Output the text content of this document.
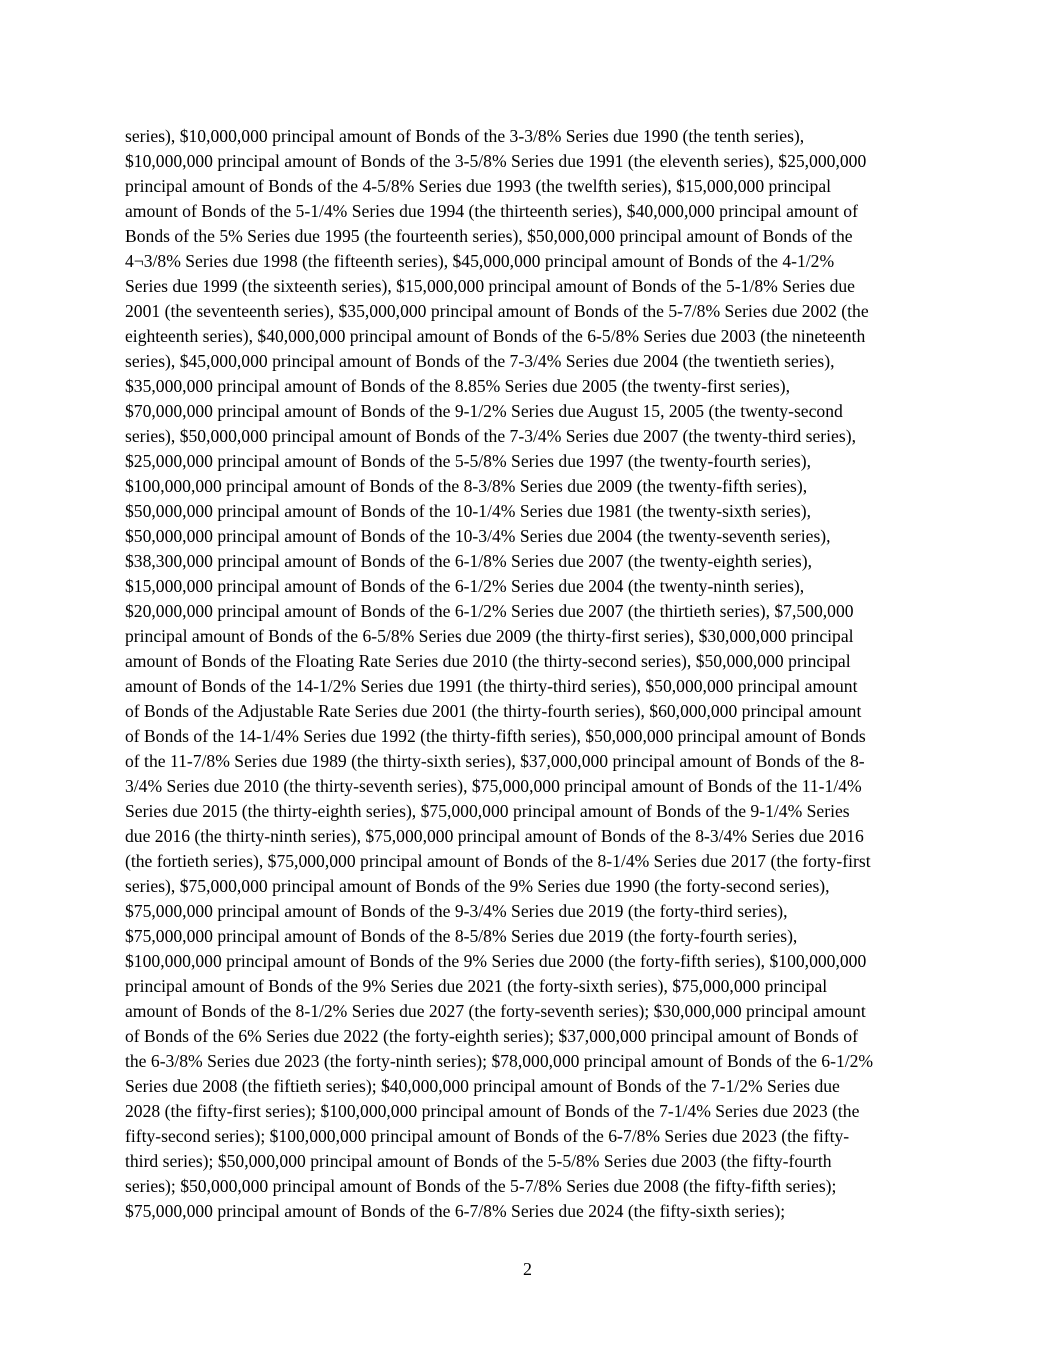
series), $10,000,000 principal amount of Bonds of the 3-3/8% Series due 1990 (the tenth series),
$10,000,000 principal amount of Bonds of the 3-5/8% Series due 1991 (the eleventh series), $25,000,000
principal amount of Bonds of the 4-5/8% Series due 1993 (the twelfth series), $15,000,000 principal
amount of Bonds of the 5-1/4% Series due 1994 (the thirteenth series), $40,000,000 principal amount of
Bonds of the 5% Series due 1995 (the fourteenth series), $50,000,000 principal amount of Bonds of the
4¬3/8% Series due 1998 (the fifteenth series), $45,000,000 principal amount of Bonds of the 4-1/2%
Series due 1999 (the sixteenth series), $15,000,000 principal amount of Bonds of the 5-1/8% Series due
2001 (the seventeenth series), $35,000,000 principal amount of Bonds of the 5-7/8% Series due 2002 (the
eighteenth series), $40,000,000 principal amount of Bonds of the 6-5/8% Series due 2003 (the nineteenth
series), $45,000,000 principal amount of Bonds of the 7-3/4% Series due 2004 (the twentieth series),
$35,000,000 principal amount of Bonds of the 8.85% Series due 2005 (the twenty-first series),
$70,000,000 principal amount of Bonds of the 9-1/2% Series due August 15, 2005 (the twenty-second
series), $50,000,000 principal amount of Bonds of the 7-3/4% Series due 2007 (the twenty-third series),
$25,000,000 principal amount of Bonds of the 5-5/8% Series due 1997 (the twenty-fourth series),
$100,000,000 principal amount of Bonds of the 8-3/8% Series due 2009 (the twenty-fifth series),
$50,000,000 principal amount of Bonds of the 10-1/4% Series due 1981 (the twenty-sixth series),
$50,000,000 principal amount of Bonds of the 10-3/4% Series due 2004 (the twenty-seventh series),
$38,300,000 principal amount of Bonds of the 6-1/8% Series due 2007 (the twenty-eighth series),
$15,000,000 principal amount of Bonds of the 6-1/2% Series due 2004 (the twenty-ninth series),
$20,000,000 principal amount of Bonds of the 6-1/2% Series due 2007 (the thirtieth series), $7,500,000
principal amount of Bonds of the 6-5/8% Series due 2009 (the thirty-first series), $30,000,000 principal
amount of Bonds of the Floating Rate Series due 2010 (the thirty-second series), $50,000,000 principal
amount of Bonds of the 14-1/2% Series due 1991 (the thirty-third series), $50,000,000 principal amount
of Bonds of the Adjustable Rate Series due 2001 (the thirty-fourth series), $60,000,000 principal amount
of Bonds of the 14-1/4% Series due 1992 (the thirty-fifth series), $50,000,000 principal amount of Bonds
of the 11-7/8% Series due 1989 (the thirty-sixth series), $37,000,000 principal amount of Bonds of the 8-
3/4% Series due 2010 (the thirty-seventh series), $75,000,000 principal amount of Bonds of the 11-1/4%
Series due 2015 (the thirty-eighth series), $75,000,000 principal amount of Bonds of the 9-1/4% Series
due 2016 (the thirty-ninth series), $75,000,000 principal amount of Bonds of the 8-3/4% Series due 2016
(the fortieth series), $75,000,000 principal amount of Bonds of the 8-1/4% Series due 2017 (the forty-first
series), $75,000,000 principal amount of Bonds of the 9% Series due 1990 (the forty-second series),
$75,000,000 principal amount of Bonds of the 9-3/4% Series due 2019 (the forty-third series),
$75,000,000 principal amount of Bonds of the 8-5/8% Series due 2019 (the forty-fourth series),
$100,000,000 principal amount of Bonds of the 9% Series due 2000 (the forty-fifth series), $100,000,000
principal amount of Bonds of the 9% Series due 2021 (the forty-sixth series), $75,000,000 principal
amount of Bonds of the 8-1/2% Series due 2027 (the forty-seventh series); $30,000,000 principal amount
of Bonds of the 6% Series due 2022 (the forty-eighth series); $37,000,000 principal amount of Bonds of
the 6-3/8% Series due 2023 (the forty-ninth series); $78,000,000 principal amount of Bonds of the 6-1/2%
Series due 2008 (the fiftieth series); $40,000,000 principal amount of Bonds of the 7-1/2% Series due
2028 (the fifty-first series); $100,000,000 principal amount of Bonds of the 7-1/4% Series due 2023 (the
fifty-second series); $100,000,000 principal amount of Bonds of the 6-7/8% Series due 2023 (the fifty-
third series); $50,000,000 principal amount of Bonds of the 5-5/8% Series due 2003 (the fifty-fourth
series); $50,000,000 principal amount of Bonds of the 5-7/8% Series due 2008 (the fifty-fifth series);
$75,000,000 principal amount of Bonds of the 6-7/8% Series due 2024 (the fifty-sixth series);
2
